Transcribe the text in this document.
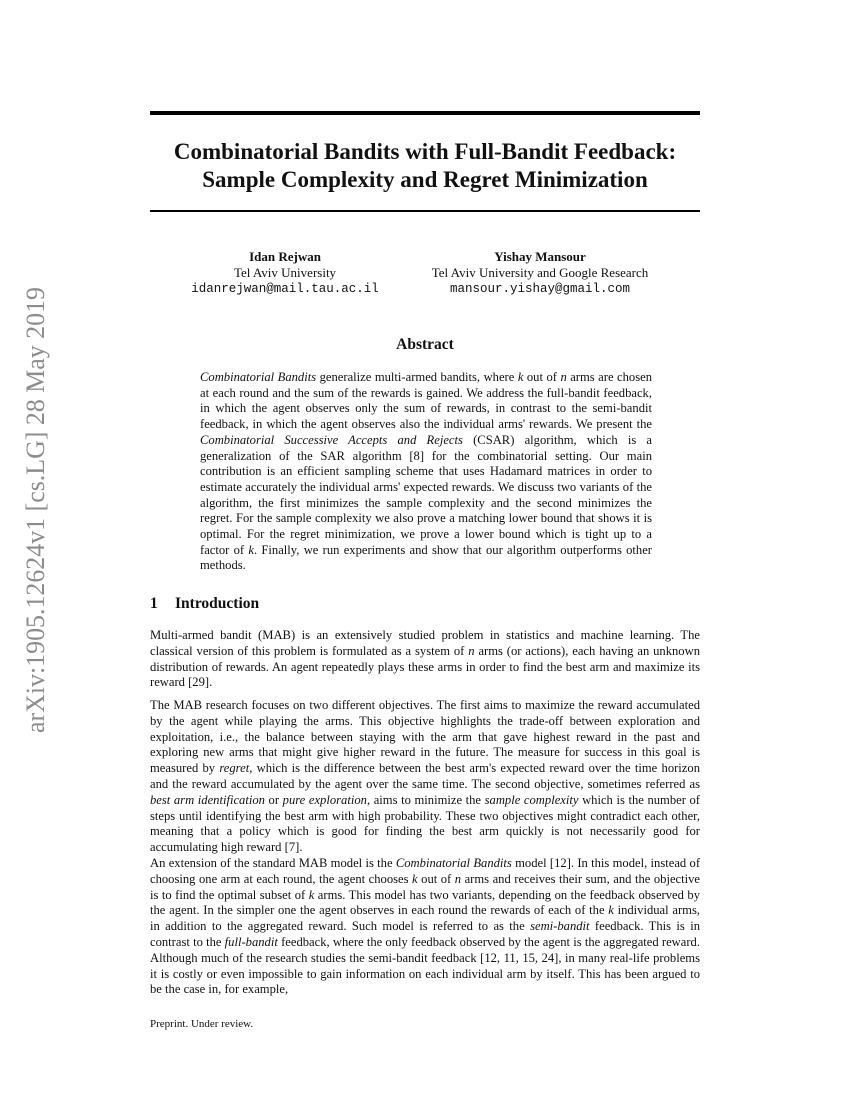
arXiv:1905.12624v1 [cs.LG] 28 May 2019
Combinatorial Bandits with Full-Bandit Feedback:
Sample Complexity and Regret Minimization
Idan Rejwan
Tel Aviv University
idanrejwan@mail.tau.ac.il
Yishay Mansour
Tel Aviv University and Google Research
mansour.yishay@gmail.com
Abstract
Combinatorial Bandits generalize multi-armed bandits, where k out of n arms are chosen at each round and the sum of the rewards is gained. We address the full-bandit feedback, in which the agent observes only the sum of rewards, in contrast to the semi-bandit feedback, in which the agent observes also the individual arms' rewards. We present the Combinatorial Successive Accepts and Rejects (CSAR) algorithm, which is a generalization of the SAR algorithm [8] for the combinatorial setting. Our main contribution is an efficient sampling scheme that uses Hadamard matrices in order to estimate accurately the individual arms' expected rewards. We discuss two variants of the algorithm, the first minimizes the sample complexity and the second minimizes the regret. For the sample complexity we also prove a matching lower bound that shows it is optimal. For the regret minimization, we prove a lower bound which is tight up to a factor of k. Finally, we run experiments and show that our algorithm outperforms other methods.
1 Introduction
Multi-armed bandit (MAB) is an extensively studied problem in statistics and machine learning. The classical version of this problem is formulated as a system of n arms (or actions), each having an unknown distribution of rewards. An agent repeatedly plays these arms in order to find the best arm and maximize its reward [29].
The MAB research focuses on two different objectives. The first aims to maximize the reward accumulated by the agent while playing the arms. This objective highlights the trade-off between exploration and exploitation, i.e., the balance between staying with the arm that gave highest reward in the past and exploring new arms that might give higher reward in the future. The measure for success in this goal is measured by regret, which is the difference between the best arm's expected reward over the time horizon and the reward accumulated by the agent over the same time. The second objective, sometimes referred as best arm identification or pure exploration, aims to minimize the sample complexity which is the number of steps until identifying the best arm with high probability. These two objectives might contradict each other, meaning that a policy which is good for finding the best arm quickly is not necessarily good for accumulating high reward [7].
An extension of the standard MAB model is the Combinatorial Bandits model [12]. In this model, instead of choosing one arm at each round, the agent chooses k out of n arms and receives their sum, and the objective is to find the optimal subset of k arms. This model has two variants, depending on the feedback observed by the agent. In the simpler one the agent observes in each round the rewards of each of the k individual arms, in addition to the aggregated reward. Such model is referred to as the semi-bandit feedback. This is in contrast to the full-bandit feedback, where the only feedback observed by the agent is the aggregated reward. Although much of the research studies the semi-bandit feedback [12, 11, 15, 24], in many real-life problems it is costly or even impossible to gain information on each individual arm by itself. This has been argued to be the case in, for example,
Preprint. Under review.
